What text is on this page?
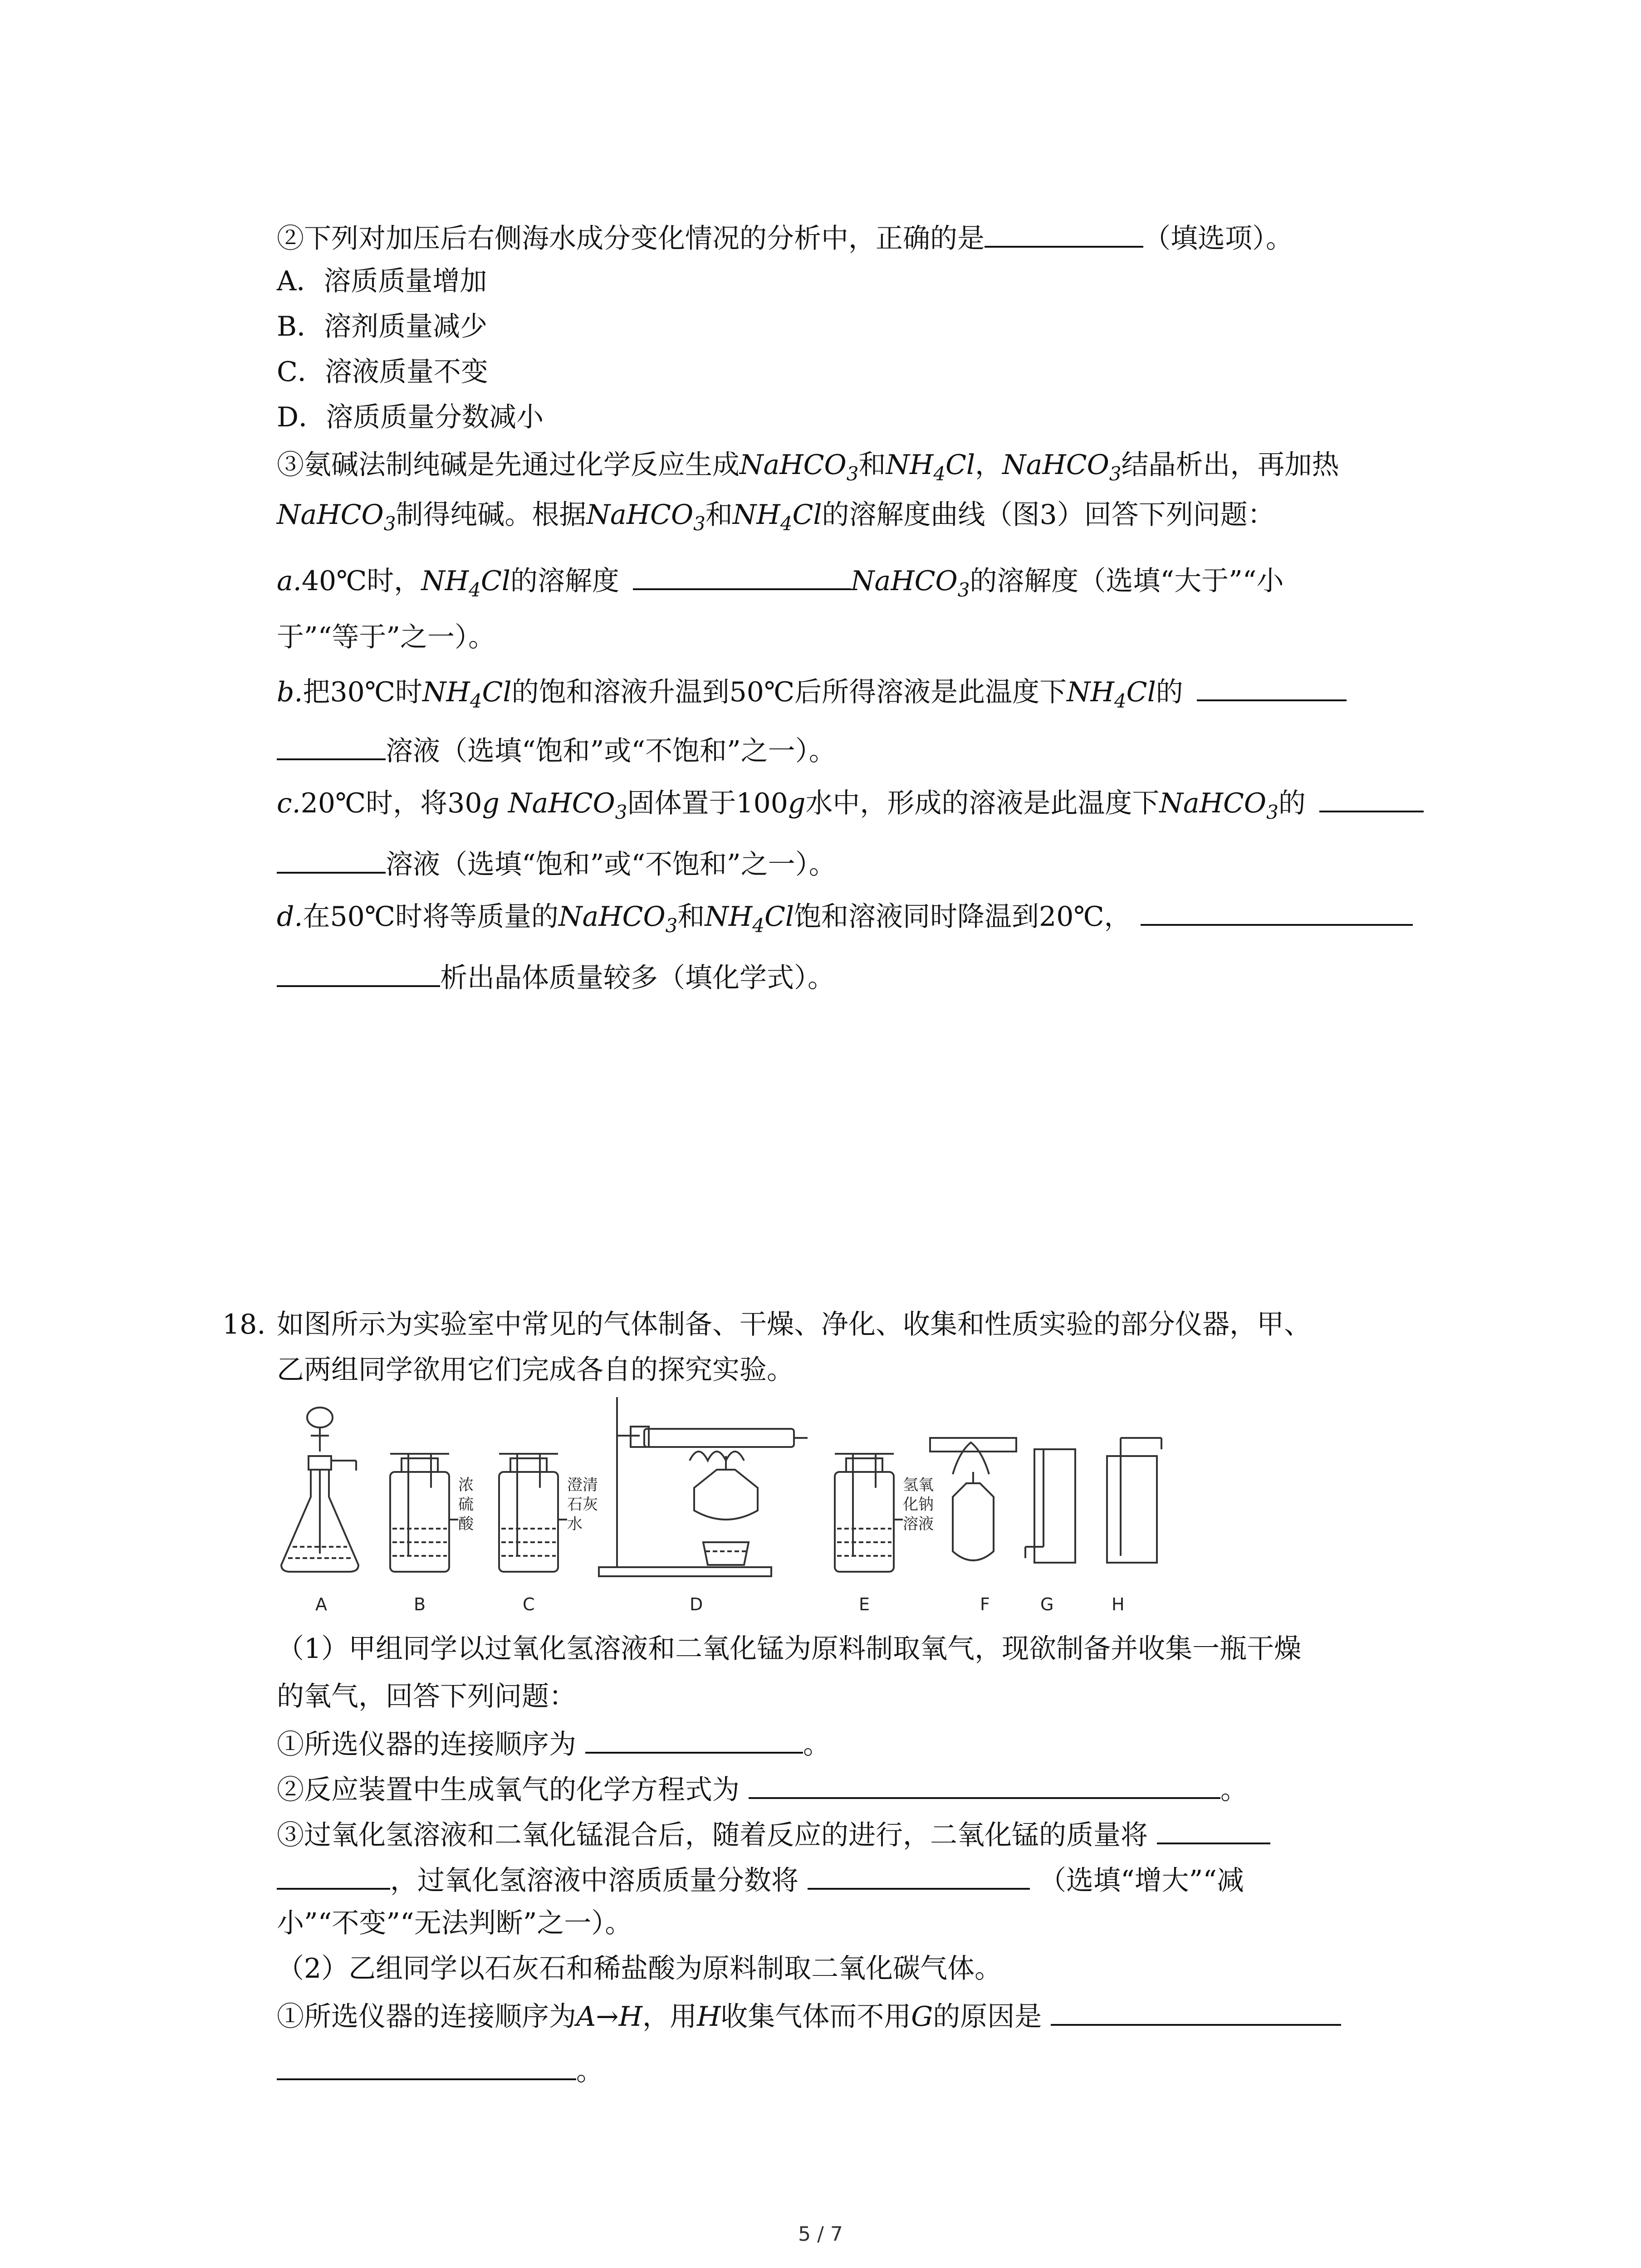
②下列对加压后右侧海水成分变化情况的分析中，正确的是	（填选项）。
A．溶质质量增加
B．溶剂质量减少
C．溶液质量不变
D．溶质质量分数减小
③氨碱法制纯碱是先通过化学反应生成NaHCO$_3$和$NH_4Cl$，NaHCO$_3$结晶析出，再加热
NaHCO$_3$制得纯碱。根据NaHCO$_3$和$NH_4Cl$的溶解度曲线（图3）回答下列问题：
a.40℃时，$NH_4Cl$的溶解度	NaHCO$_3$的溶解度（选填“大于”“小
于”“等于”之一）。
b.把30℃时$NH_4Cl$的饱和溶液升温到50℃后所得溶液是此温度下$NH_4Cl$的
溶液（选填“饱和”或“不饱和”之一）。
c.20℃时，将30g NaHCO$_3$固体置于100g水中，形成的溶液是此温度下NaHCO$_3$的
溶液（选填“饱和”或“不饱和”之一）。
d.在50℃时将等质量的NaHCO$_3$和$NH_4Cl$饱和溶液同时降温到20℃，
析出晶体质量较多（填化学式）。
18. 如图所示为实验室中常见的气体制备、干燥、净化、收集和性质实验的部分仪器，甲、
乙两组同学欲用它们完成各自的探究实验。
浓
硫
酸
澄清
石灰
水
氢氧
化钠
溶液
A	B	C	D	E	F	G	H
（1）甲组同学以过氧化氢溶液和二氧化锰为原料制取氧气，现欲制备并收集一瓶干燥
的氧气，回答下列问题：
①所选仪器的连接顺序为	。
②反应装置中生成氧气的化学方程式为	。
③过氧化氢溶液和二氧化锰混合后，随着反应的进行，二氧化锰的质量将
，过氧化氢溶液中溶质质量分数将	（选填“增大”“减
小”“不变”“无法判断”之一）。
（2）乙组同学以石灰石和稀盐酸为原料制取二氧化碳气体。
①所选仪器的连接顺序为A→H，用H收集气体而不用G的原因是
。
5 / 7
